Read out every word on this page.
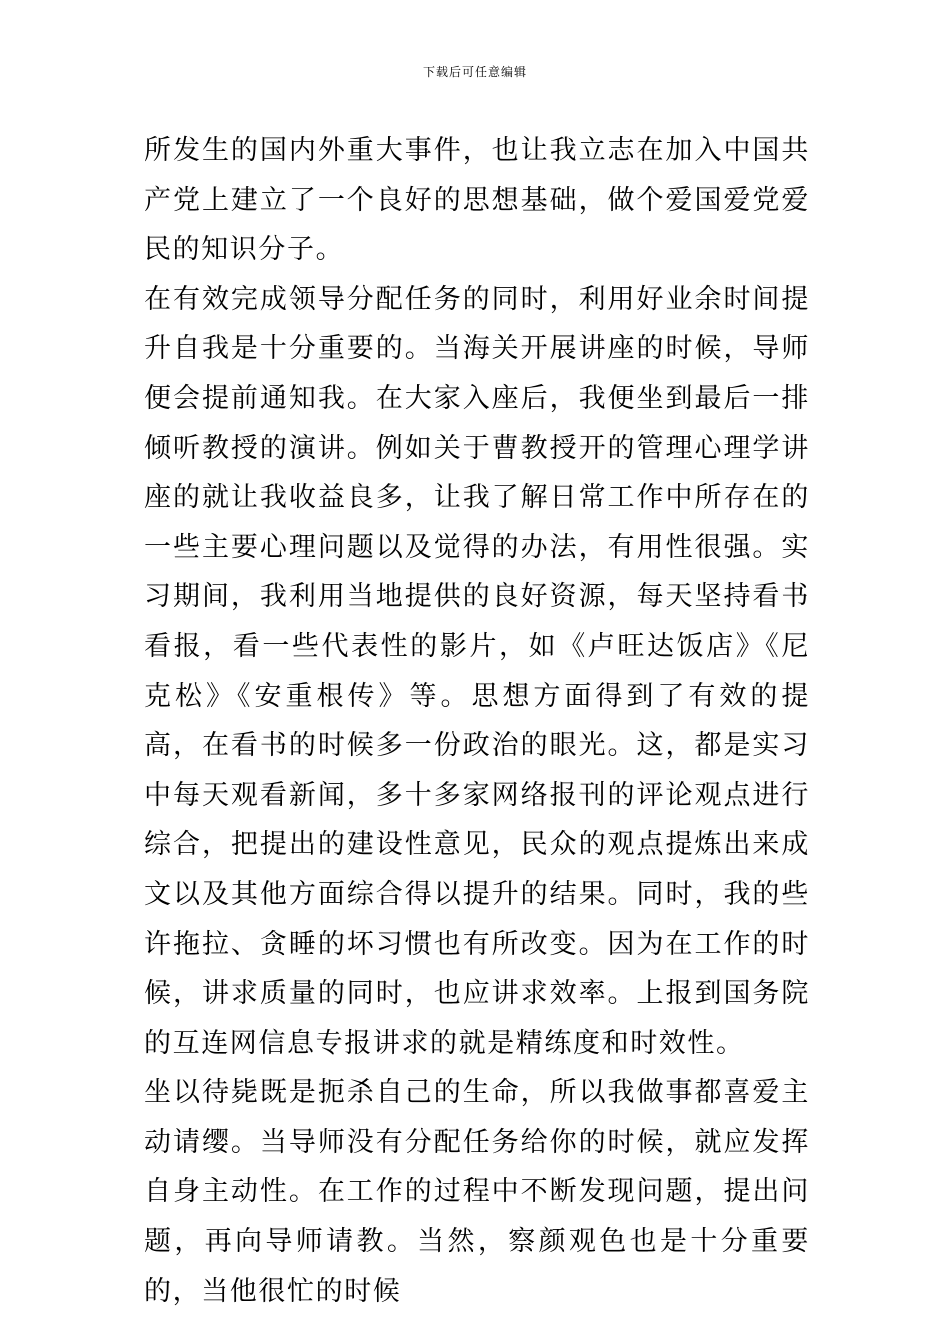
下载后可任意编辑

所发生的国内外重大事件，也让我立志在加入中国共产党上建立了一个良好的思想基础，做个爱国爱党爱民的知识分子。

在有效完成领导分配任务的同时，利用好业余时间提升自我是十分重要的。当海关开展讲座的时候，导师便会提前通知我。在大家入座后，我便坐到最后一排倾听教授的演讲。例如关于曹教授开的管理心理学讲座的就让我收益良多，让我了解日常工作中所存在的一些主要心理问题以及觉得的办法，有用性很强。实习期间，我利用当地提供的良好资源，每天坚持看书看报，看一些代表性的影片，如《卢旺达饭店》《尼克松》《安重根传》等。思想方面得到了有效的提高，在看书的时候多一份政治的眼光。这，都是实习中每天观看新闻，多十多家网络报刊的评论观点进行综合，把提出的建设性意见，民众的观点提炼出来成文以及其他方面综合得以提升的结果。同时，我的些许拖拉、贪睡的坏习惯也有所改变。因为在工作的时候，讲求质量的同时，也应讲求效率。上报到国务院的互连网信息专报讲求的就是精练度和时效性。

坐以待毙既是扼杀自己的生命，所以我做事都喜爱主动请缨。当导师没有分配任务给你的时候，就应发挥自身主动性。在工作的过程中不断发现问题，提出问题，再向导师请教。当然，察颜观色也是十分重要的，当他很忙的时候
